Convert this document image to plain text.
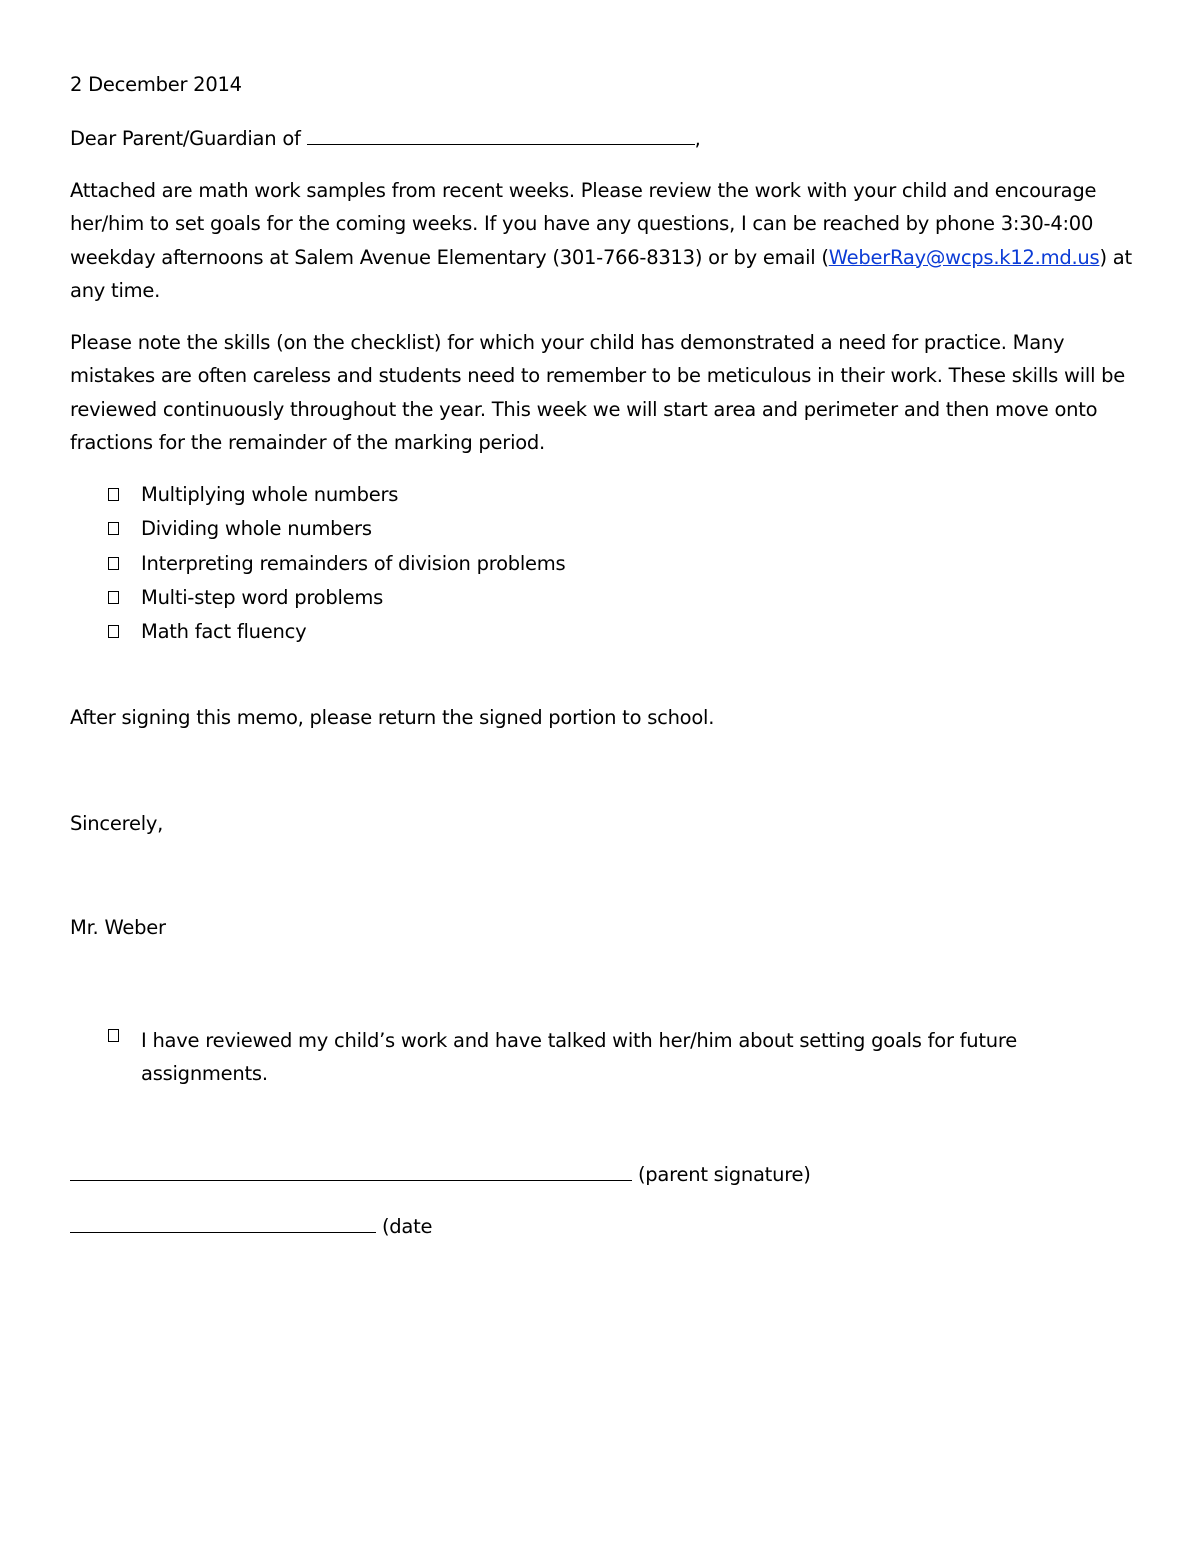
2 December 2014
Dear Parent/Guardian of	,
Attached are math work samples from recent weeks. Please review the work with your child and encourage her/him to set goals for the coming weeks. If you have any questions, I can be reached by phone 3:30-4:00 weekday afternoons at Salem Avenue Elementary (301-766-8313) or by email (WeberRay@wcps.k12.md.us) at any time.
Please note the skills (on the checklist) for which your child has demonstrated a need for practice. Many mistakes are often careless and students need to remember to be meticulous in their work. These skills will be reviewed continuously throughout the year. This week we will start area and perimeter and then move onto fractions for the remainder of the marking period.
Multiplying whole numbers
Dividing whole numbers
Interpreting remainders of division problems
Multi-step word problems
Math fact fluency
After signing this memo, please return the signed portion to school.
Sincerely,
Mr. Weber
I have reviewed my child’s work and have talked with her/him about setting goals for future assignments.
(parent signature)
(date
